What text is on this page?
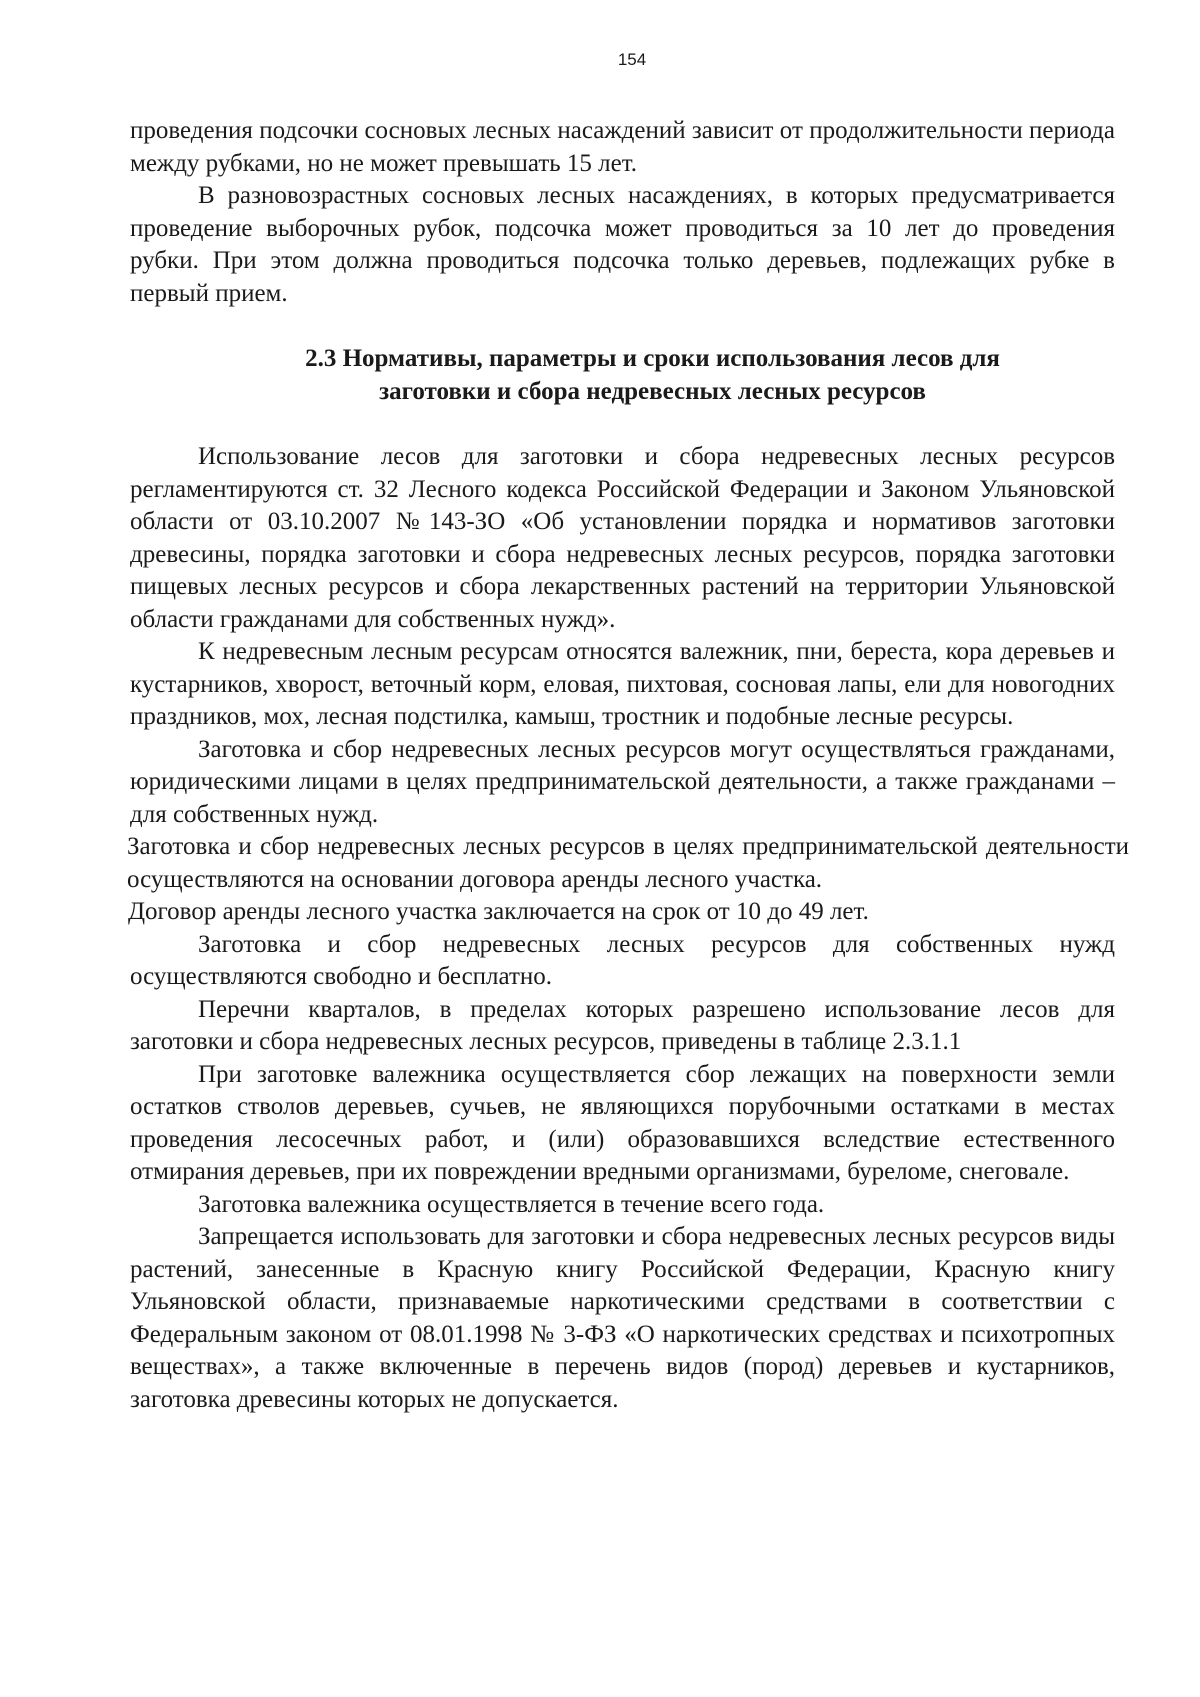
154

проведения подсочки сосновых лесных насаждений зависит от продолжительности периода между рубками, но не может превышать 15 лет.

В разновозрастных сосновых лесных насаждениях, в которых предусматривается проведение выборочных рубок, подсочка может проводиться за 10 лет до проведения рубки. При этом должна проводиться подсочка только деревьев, подлежащих рубке в первый прием.

2.3 Нормативы, параметры и сроки использования лесов для
заготовки и сбора недревесных лесных ресурсов

Использование лесов для заготовки и сбора недревесных лесных ресурсов регламентируются ст. 32 Лесного кодекса Российской Федерации и Законом Ульяновской области от 03.10.2007 №143-ЗО «Об установлении порядка и нормативов заготовки древесины, порядка заготовки и сбора недревесных лесных ресурсов, порядка заготовки пищевых лесных ресурсов и сбора лекарственных растений на территории Ульяновской области гражданами для собственных нужд».

К недревесным лесным ресурсам относятся валежник, пни, береста, кора деревьев и кустарников, хворост, веточный корм, еловая, пихтовая, сосновая лапы, ели для новогодних праздников, мох, лесная подстилка, камыш, тростник и подобные лесные ресурсы.

Заготовка и сбор недревесных лесных ресурсов могут осуществляться гражданами, юридическими лицами в целях предпринимательской деятельности, а также гражданами – для собственных нужд.

Заготовка и сбор недревесных лесных ресурсов в целях предпринимательской деятельности осуществляются на основании договора аренды лесного участка.

Договор аренды лесного участка заключается на срок от 10 до 49 лет.

Заготовка и сбор недревесных лесных ресурсов для собственных нужд осуществляются свободно и бесплатно.

Перечни кварталов, в пределах которых разрешено использование лесов для заготовки и сбора недревесных лесных ресурсов, приведены в таблице 2.3.1.1

При заготовке валежника осуществляется сбор лежащих на поверхности земли остатков стволов деревьев, сучьев, не являющихся порубочными остатками в местах проведения лесосечных работ, и (или) образовавшихся вследствие естественного отмирания деревьев, при их повреждении вредными организмами, буреломе, снеговале.

Заготовка валежника осуществляется в течение всего года.

Запрещается использовать для заготовки и сбора недревесных лесных ресурсов виды растений, занесенные в Красную книгу Российской Федерации, Красную книгу Ульяновской области, признаваемые наркотическими средствами в соответствии с Федеральным законом от 08.01.1998 № 3-ФЗ «О наркотических средствах и психотропных веществах», а также включенные в перечень видов (пород) деревьев и кустарников, заготовка древесины которых не допускается.
